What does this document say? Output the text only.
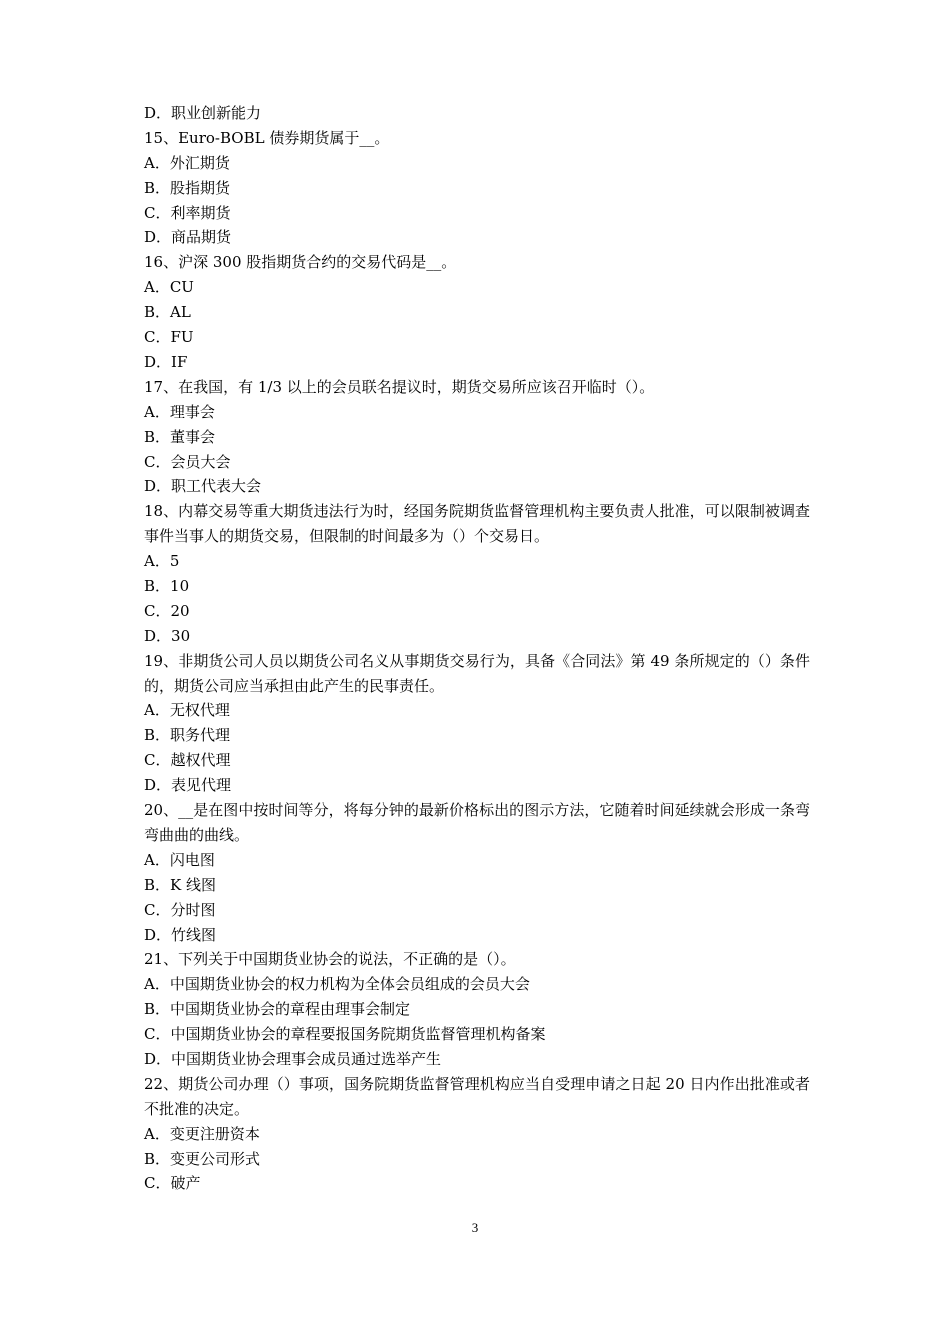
D．职业创新能力
15、Euro-BOBL 债券期货属于__。
A．外汇期货
B．股指期货
C．利率期货
D．商品期货
16、沪深 300 股指期货合约的交易代码是__。
A．CU
B．AL
C．FU
D．IF
17、在我国，有 1/3 以上的会员联名提议时，期货交易所应该召开临时（）。
A．理事会
B．董事会
C．会员大会
D．职工代表大会
18、内幕交易等重大期货违法行为时，经国务院期货监督管理机构主要负责人批准，可以限制被调查事件当事人的期货交易，但限制的时间最多为（）个交易日。
A．5
B．10
C．20
D．30
19、非期货公司人员以期货公司名义从事期货交易行为，具备《合同法》第 49 条所规定的（）条件的，期货公司应当承担由此产生的民事责任。
A．无权代理
B．职务代理
C．越权代理
D．表见代理
20、__是在图中按时间等分，将每分钟的最新价格标出的图示方法，它随着时间延续就会形成一条弯弯曲曲的曲线。
A．闪电图
B．K 线图
C．分时图
D．竹线图
21、下列关于中国期货业协会的说法，不正确的是（）。
A．中国期货业协会的权力机构为全体会员组成的会员大会
B．中国期货业协会的章程由理事会制定
C．中国期货业协会的章程要报国务院期货监督管理机构备案
D．中国期货业协会理事会成员通过选举产生
22、期货公司办理（）事项，国务院期货监督管理机构应当自受理申请之日起 20 日内作出批准或者不批准的决定。
A．变更注册资本
B．变更公司形式
C．破产
3
